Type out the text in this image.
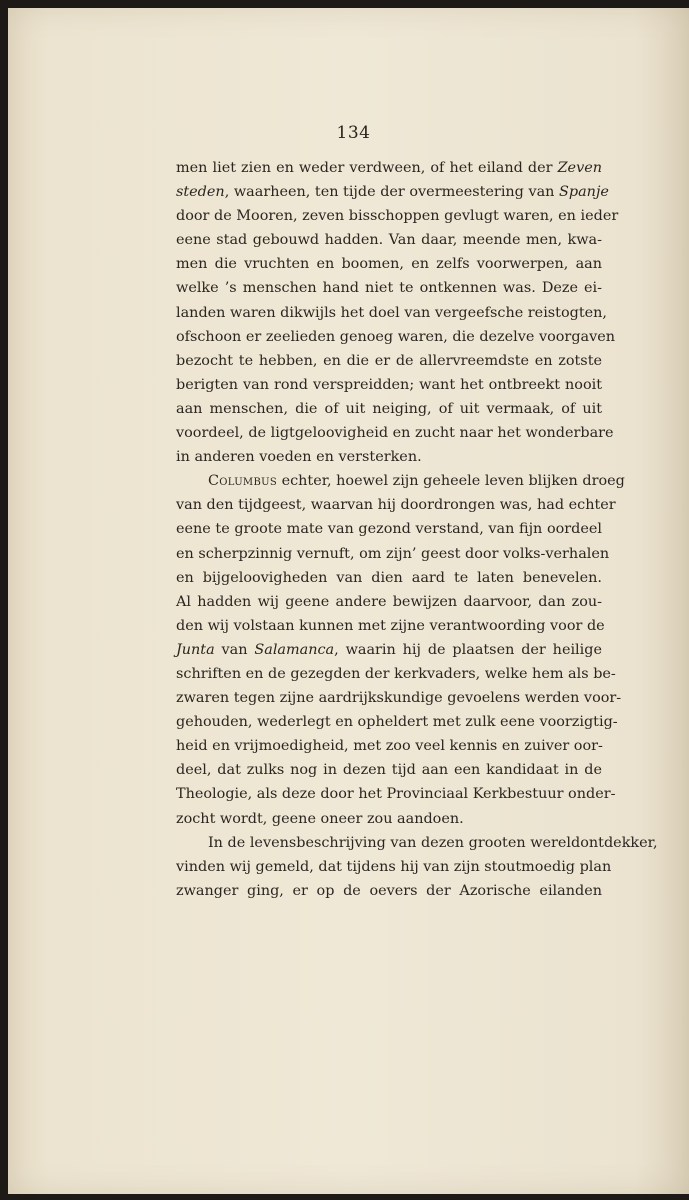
134
men liet zien en weder verdween, of het eiland der Zeven
steden, waarheen, ten tijde der overmeestering van Spanje
door de Mooren, zeven bisschoppen gevlugt waren, en ieder
eene stad gebouwd hadden. Van daar, meende men, kwa-
men die vruchten en boomen, en zelfs voorwerpen, aan
welke ’s menschen hand niet te ontkennen was. Deze ei-
landen waren dikwijls het doel van vergeefsche reistogten,
ofschoon er zeelieden genoeg waren, die dezelve voorgaven
bezocht te hebben, en die er de allervreemdste en zotste
berigten van rond verspreidden; want het ontbreekt nooit
aan menschen, die of uit neiging, of uit vermaak, of uit
voordeel, de ligtgeloovigheid en zucht naar het wonderbare
in anderen voeden en versterken.
Columbus echter, hoewel zijn geheele leven blijken droeg
van den tijdgeest, waarvan hij doordrongen was, had echter
eene te groote mate van gezond verstand, van fijn oordeel
en scherpzinnig vernuft, om zijn’ geest door volks-verhalen
en bijgeloovigheden van dien aard te laten benevelen.
Al hadden wij geene andere bewijzen daarvoor, dan zou-
den wij volstaan kunnen met zijne verantwoording voor de
Junta van Salamanca, waarin hij de plaatsen der heilige
schriften en de gezegden der kerkvaders, welke hem als be-
zwaren tegen zijne aardrijkskundige gevoelens werden voor-
gehouden, wederlegt en opheldert met zulk eene voorzigtig-
heid en vrijmoedigheid, met zoo veel kennis en zuiver oor-
deel, dat zulks nog in dezen tijd aan een kandidaat in de
Theologie, als deze door het Provinciaal Kerkbestuur onder-
zocht wordt, geene oneer zou aandoen.
In de levensbeschrijving van dezen grooten wereldontdekker,
vinden wij gemeld, dat tijdens hij van zijn stoutmoedig plan
zwanger ging, er op de oevers der Azorische eilanden
